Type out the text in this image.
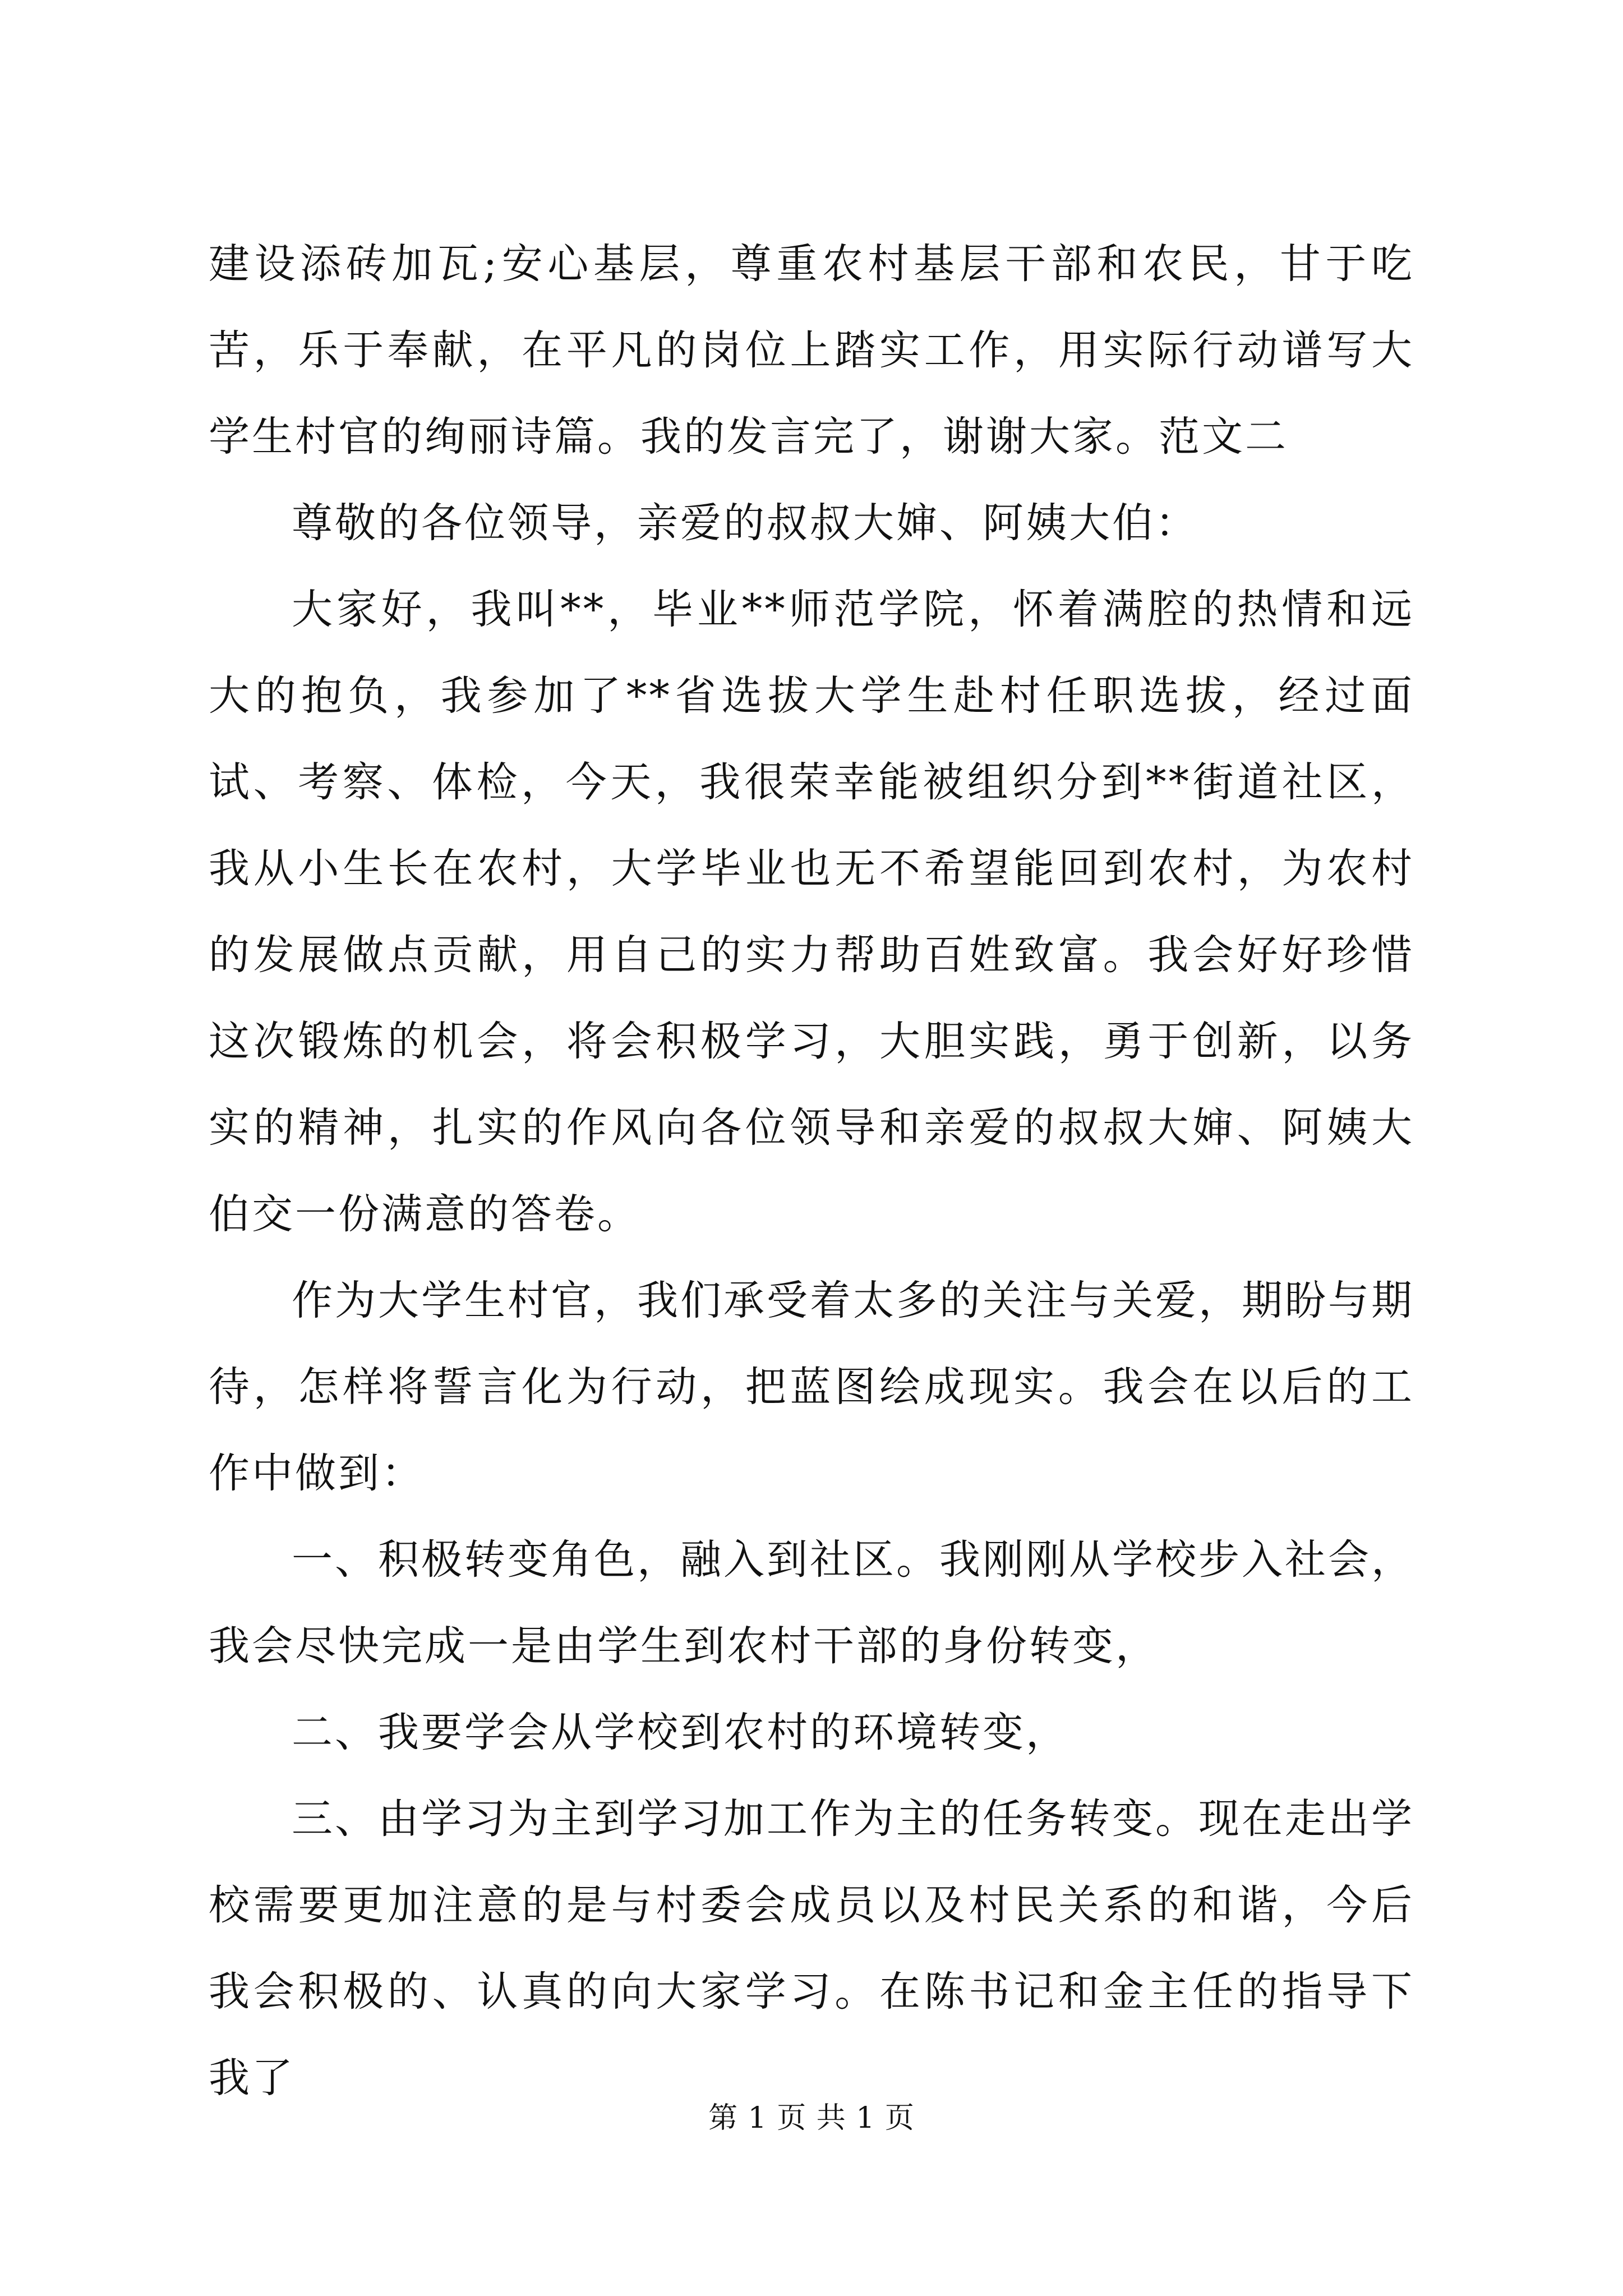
建设添砖加瓦;安心基层，尊重农村基层干部和农民，甘于吃苦，乐于奉献，在平凡的岗位上踏实工作，用实际行动谱写大学生村官的绚丽诗篇。我的发言完了，谢谢大家。范文二

尊敬的各位领导，亲爱的叔叔大婶、阿姨大伯：

大家好，我叫**，毕业**师范学院，怀着满腔的热情和远大的抱负，我参加了**省选拔大学生赴村任职选拔，经过面试、考察、体检，今天，我很荣幸能被组织分到**街道社区，我从小生长在农村，大学毕业也无不希望能回到农村，为农村的发展做点贡献，用自己的实力帮助百姓致富。我会好好珍惜这次锻炼的机会，将会积极学习，大胆实践，勇于创新，以务实的精神，扎实的作风向各位领导和亲爱的叔叔大婶、阿姨大伯交一份满意的答卷。

作为大学生村官，我们承受着太多的关注与关爱，期盼与期待，怎样将誓言化为行动，把蓝图绘成现实。我会在以后的工作中做到：

一、积极转变角色，融入到社区。我刚刚从学校步入社会，我会尽快完成一是由学生到农村干部的身份转变，

二、我要学会从学校到农村的环境转变，

三、由学习为主到学习加工作为主的任务转变。现在走出学校需要更加注意的是与村委会成员以及村民关系的和谐，今后我会积极的、认真的向大家学习。在陈书记和金主任的指导下我了

第 1 页 共 1 页
